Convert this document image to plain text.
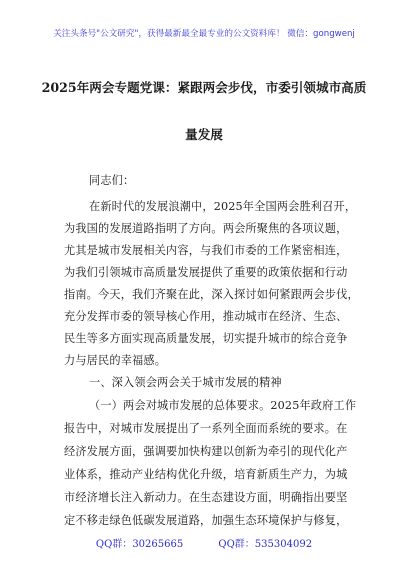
关注头条号"公文研究"，获得最新最全最专业的公文资料库！ 微信：gongwenj
2025年两会专题党课：紧跟两会步伐，市委引领城市高质
量发展
同志们：
在新时代的发展浪潮中，2025年全国两会胜利召开，
为我国的发展道路指明了方向。两会所聚焦的各项议题，
尤其是城市发展相关内容，与我们市委的工作紧密相连，
为我们引领城市高质量发展提供了重要的政策依据和行动
指南。今天，我们齐聚在此，深入探讨如何紧跟两会步伐，
充分发挥市委的领导核心作用，推动城市在经济、生态、
民生等多方面实现高质量发展，切实提升城市的综合竞争
力与居民的幸福感。
一、深入领会两会关于城市发展的精神
（一）两会对城市发展的总体要求。2025年政府工作
报告中，对城市发展提出了一系列全面而系统的要求。在
经济发展方面，强调要加快构建以创新为牵引的现代化产
业体系，推动产业结构优化升级，培育新质生产力，为城
市经济增长注入新动力。在生态建设方面，明确指出要坚
定不移走绿色低碳发展道路，加强生态环境保护与修复，
QQ群：30265665	QQ群：535304092
